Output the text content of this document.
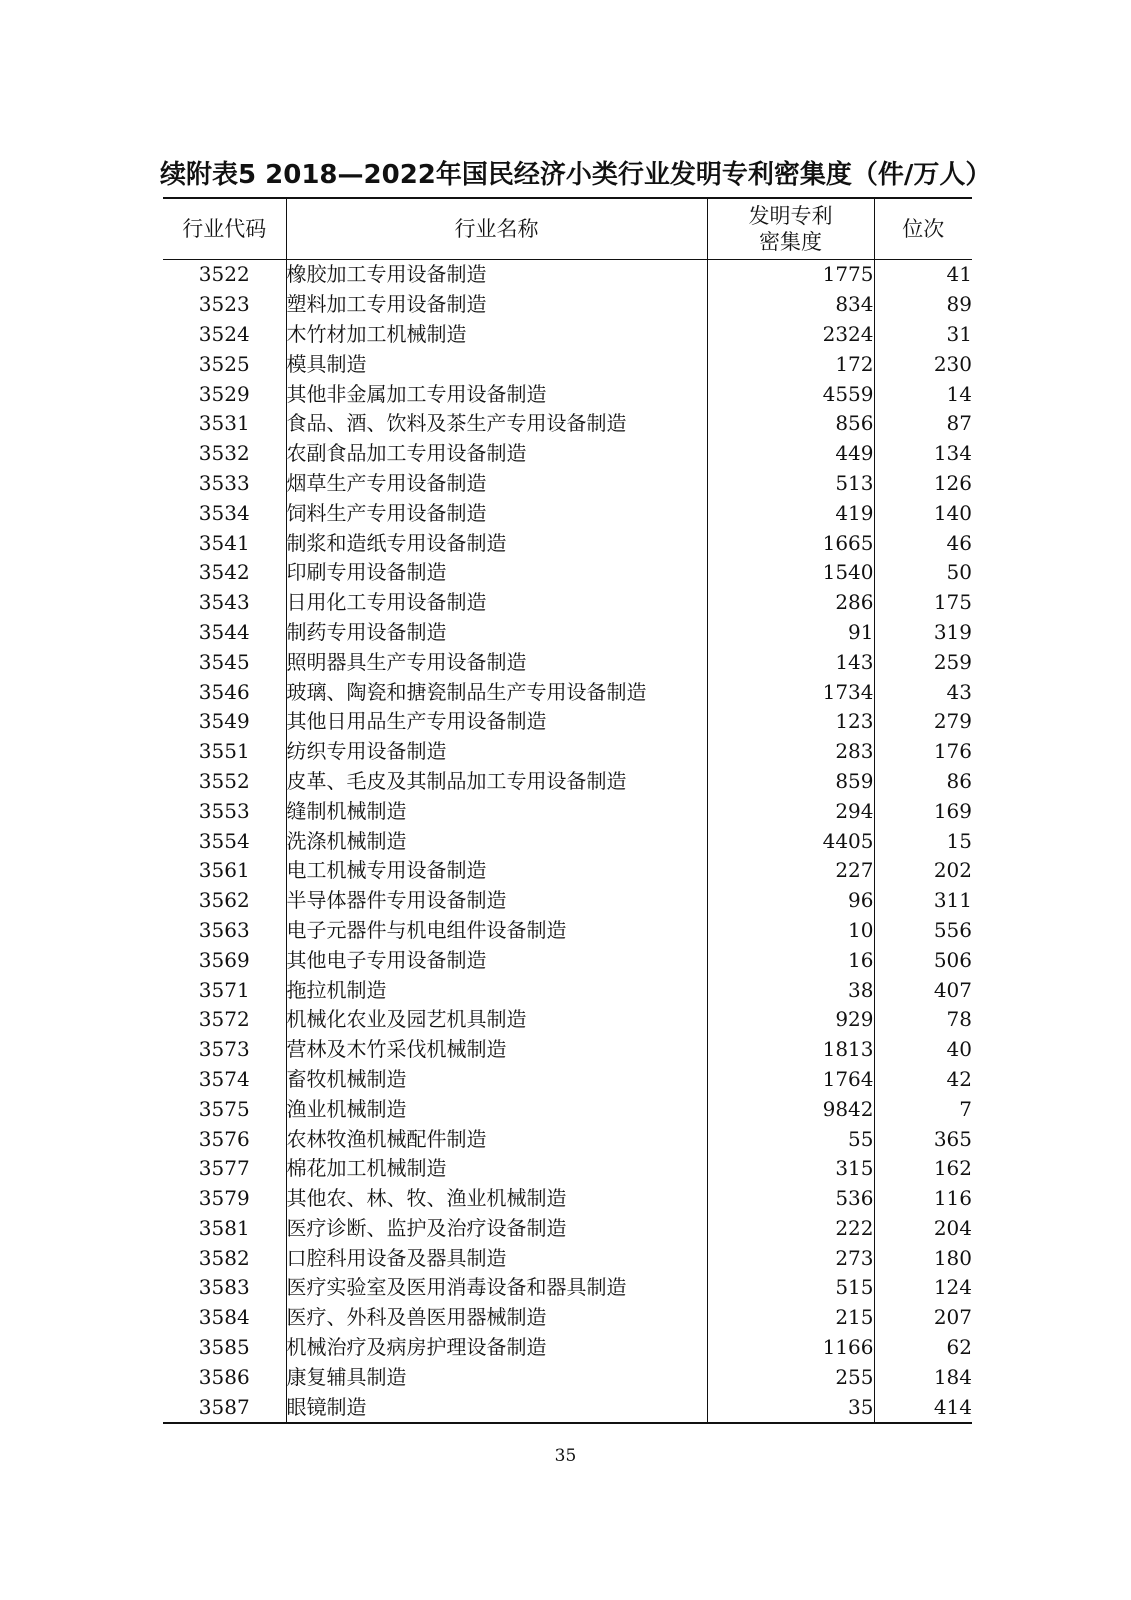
续附表5 2018—2022年国民经济小类行业发明专利密集度（件/万人）
行业代码	行业名称	发明专利
密集度	位次
3522	橡胶加工专用设备制造	1775	41
3523	塑料加工专用设备制造	834	89
3524	木竹材加工机械制造	2324	31
3525	模具制造	172	230
3529	其他非金属加工专用设备制造	4559	14
3531	食品、酒、饮料及茶生产专用设备制造	856	87
3532	农副食品加工专用设备制造	449	134
3533	烟草生产专用设备制造	513	126
3534	饲料生产专用设备制造	419	140
3541	制浆和造纸专用设备制造	1665	46
3542	印刷专用设备制造	1540	50
3543	日用化工专用设备制造	286	175
3544	制药专用设备制造	91	319
3545	照明器具生产专用设备制造	143	259
3546	玻璃、陶瓷和搪瓷制品生产专用设备制造	1734	43
3549	其他日用品生产专用设备制造	123	279
3551	纺织专用设备制造	283	176
3552	皮革、毛皮及其制品加工专用设备制造	859	86
3553	缝制机械制造	294	169
3554	洗涤机械制造	4405	15
3561	电工机械专用设备制造	227	202
3562	半导体器件专用设备制造	96	311
3563	电子元器件与机电组件设备制造	10	556
3569	其他电子专用设备制造	16	506
3571	拖拉机制造	38	407
3572	机械化农业及园艺机具制造	929	78
3573	营林及木竹采伐机械制造	1813	40
3574	畜牧机械制造	1764	42
3575	渔业机械制造	9842	7
3576	农林牧渔机械配件制造	55	365
3577	棉花加工机械制造	315	162
3579	其他农、林、牧、渔业机械制造	536	116
3581	医疗诊断、监护及治疗设备制造	222	204
3582	口腔科用设备及器具制造	273	180
3583	医疗实验室及医用消毒设备和器具制造	515	124
3584	医疗、外科及兽医用器械制造	215	207
3585	机械治疗及病房护理设备制造	1166	62
3586	康复辅具制造	255	184
3587	眼镜制造	35	414
35
